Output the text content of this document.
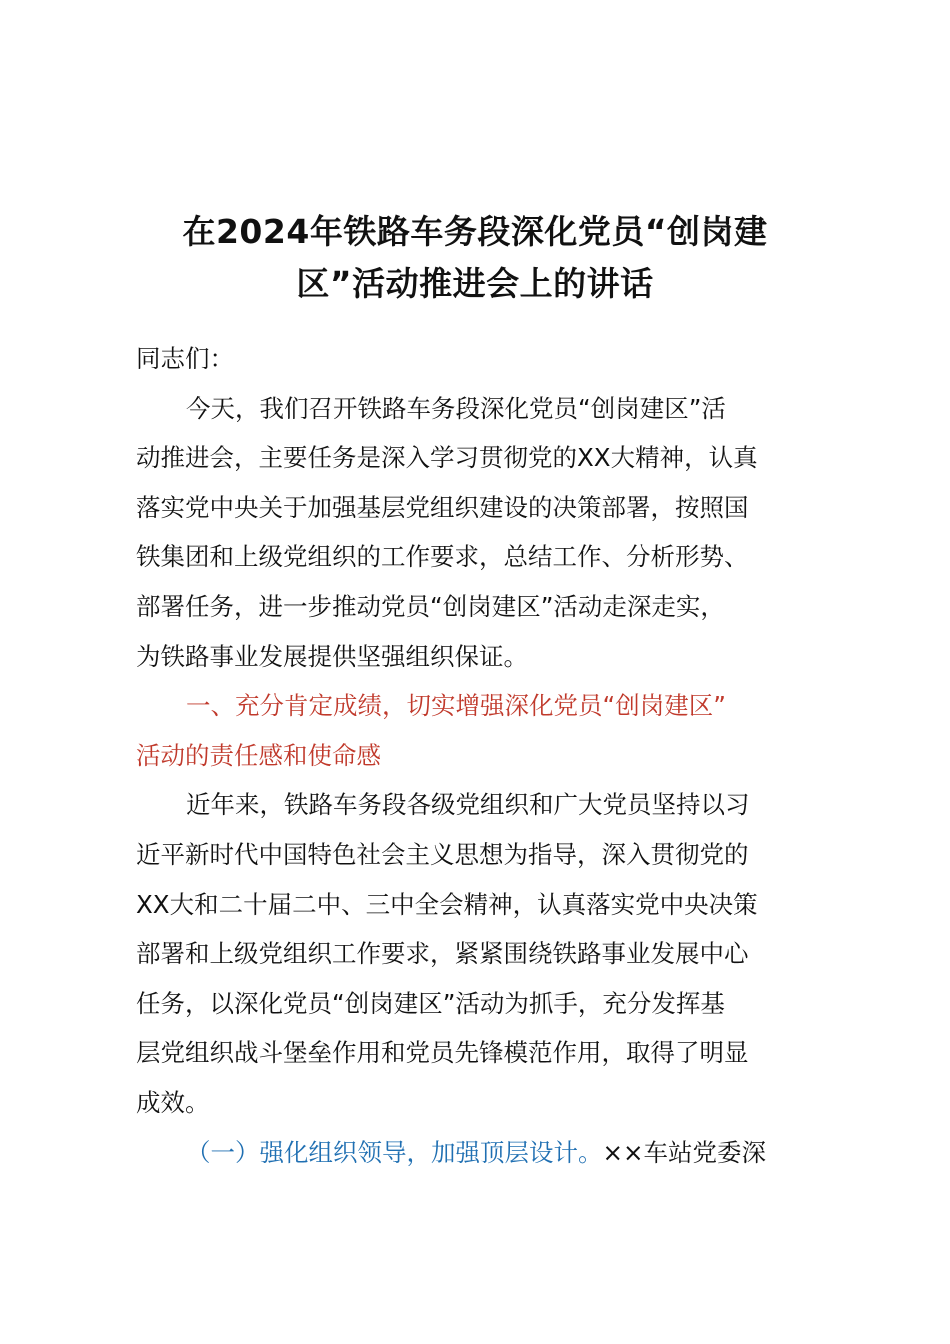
在2024年铁路车务段深化党员“创岗建
区”活动推进会上的讲话
同志们：
今天，我们召开铁路车务段深化党员“创岗建区”活
动推进会，主要任务是深入学习贯彻党的XX大精神，认真
落实党中央关于加强基层党组织建设的决策部署，按照国
铁集团和上级党组织的工作要求，总结工作、分析形势、
部署任务，进一步推动党员“创岗建区”活动走深走实，
为铁路事业发展提供坚强组织保证。
一、充分肯定成绩，切实增强深化党员“创岗建区”
活动的责任感和使命感
近年来，铁路车务段各级党组织和广大党员坚持以习
近平新时代中国特色社会主义思想为指导，深入贯彻党的
XX大和二十届二中、三中全会精神，认真落实党中央决策
部署和上级党组织工作要求，紧紧围绕铁路事业发展中心
任务，以深化党员“创岗建区”活动为抓手，充分发挥基
层党组织战斗堡垒作用和党员先锋模范作用，取得了明显
成效。
（一）强化组织领导，加强顶层设计。××车站党委深
